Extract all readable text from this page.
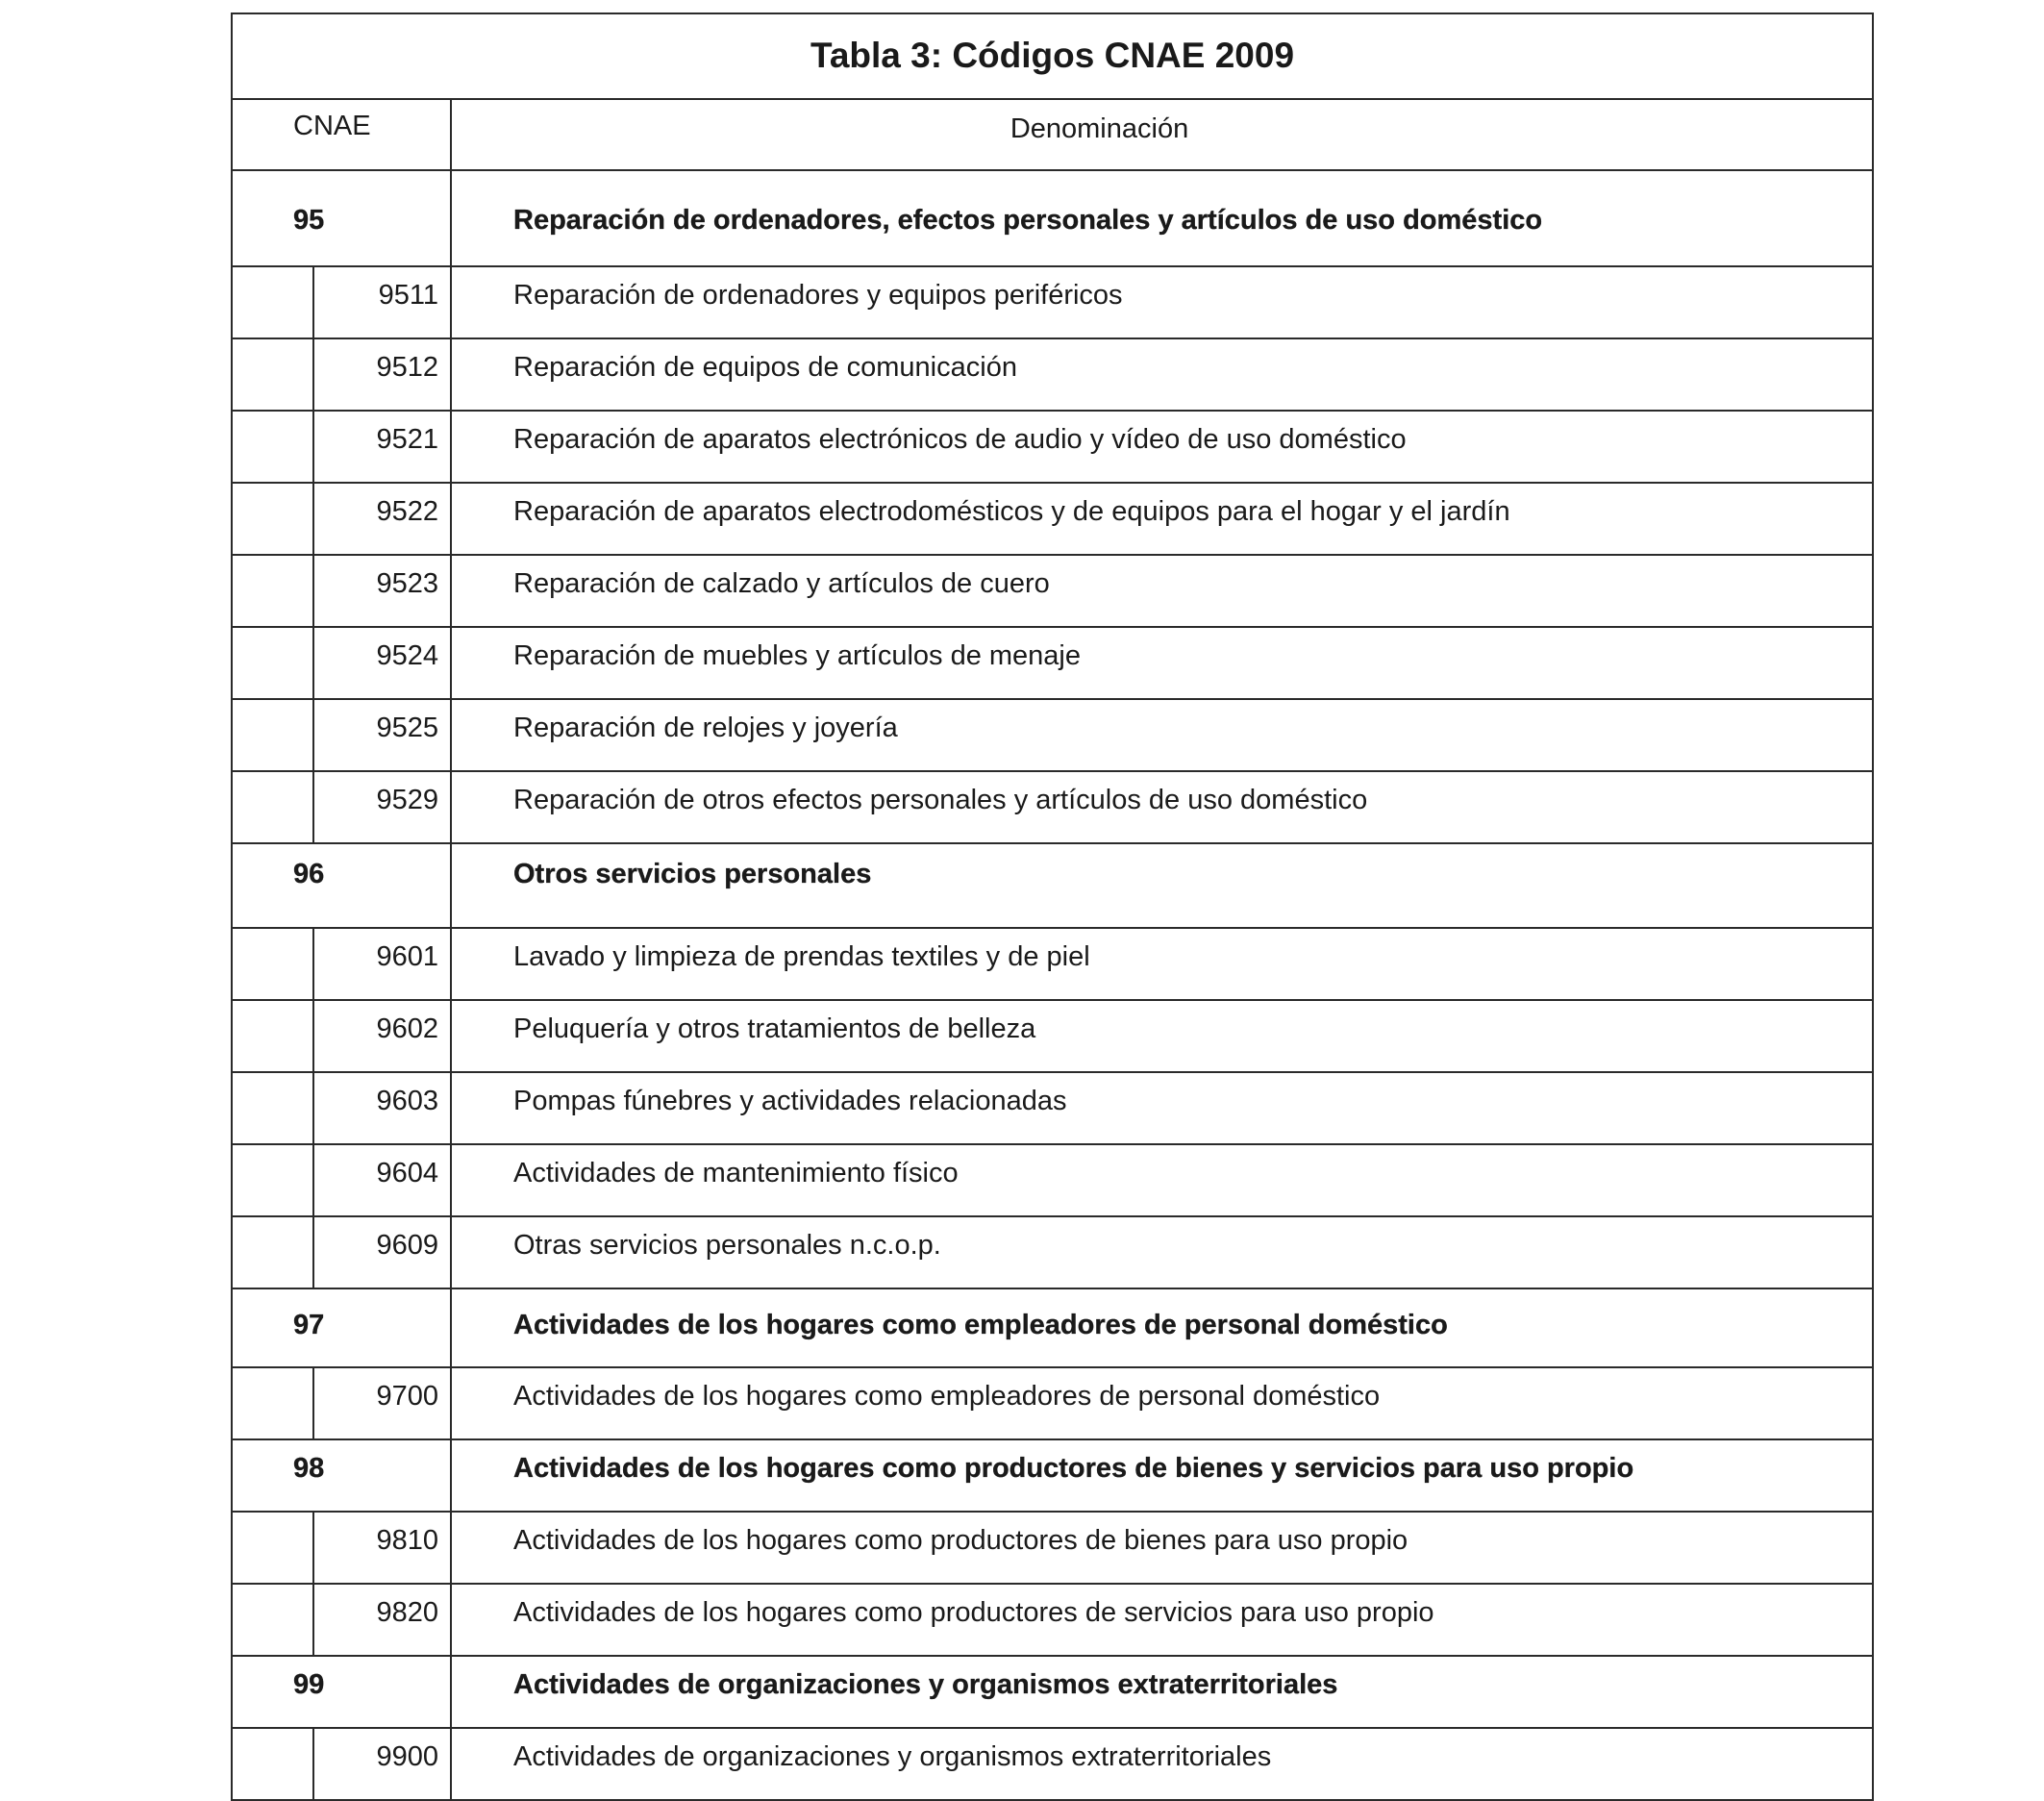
Tabla 3: Códigos CNAE 2009		
CNAE		Denominación
95		Reparación de ordenadores, efectos personales y artículos de uso doméstico
	9511	Reparación de ordenadores y equipos periféricos
	9512	Reparación de equipos de comunicación
	9521	Reparación de aparatos electrónicos de audio y vídeo de uso doméstico
	9522	Reparación de aparatos electrodomésticos y de equipos para el hogar y el jardín
	9523	Reparación de calzado y artículos de cuero
	9524	Reparación de muebles y artículos de menaje
	9525	Reparación de relojes y joyería
	9529	Reparación de otros efectos personales y artículos de uso doméstico
96		Otros servicios personales
	9601	Lavado y limpieza de prendas textiles y de piel
	9602	Peluquería y otros tratamientos de belleza
	9603	Pompas fúnebres y actividades relacionadas
	9604	Actividades de mantenimiento físico
	9609	Otras servicios personales n.c.o.p.
97		Actividades de los hogares como empleadores de personal doméstico
	9700	Actividades de los hogares como empleadores de personal doméstico
98		Actividades de los hogares como productores de bienes y servicios para uso propio
	9810	Actividades de los hogares como productores de bienes para uso propio
	9820	Actividades de los hogares como productores de servicios para uso propio
99		Actividades de organizaciones y organismos extraterritoriales
	9900	Actividades de organizaciones y organismos extraterritoriales
